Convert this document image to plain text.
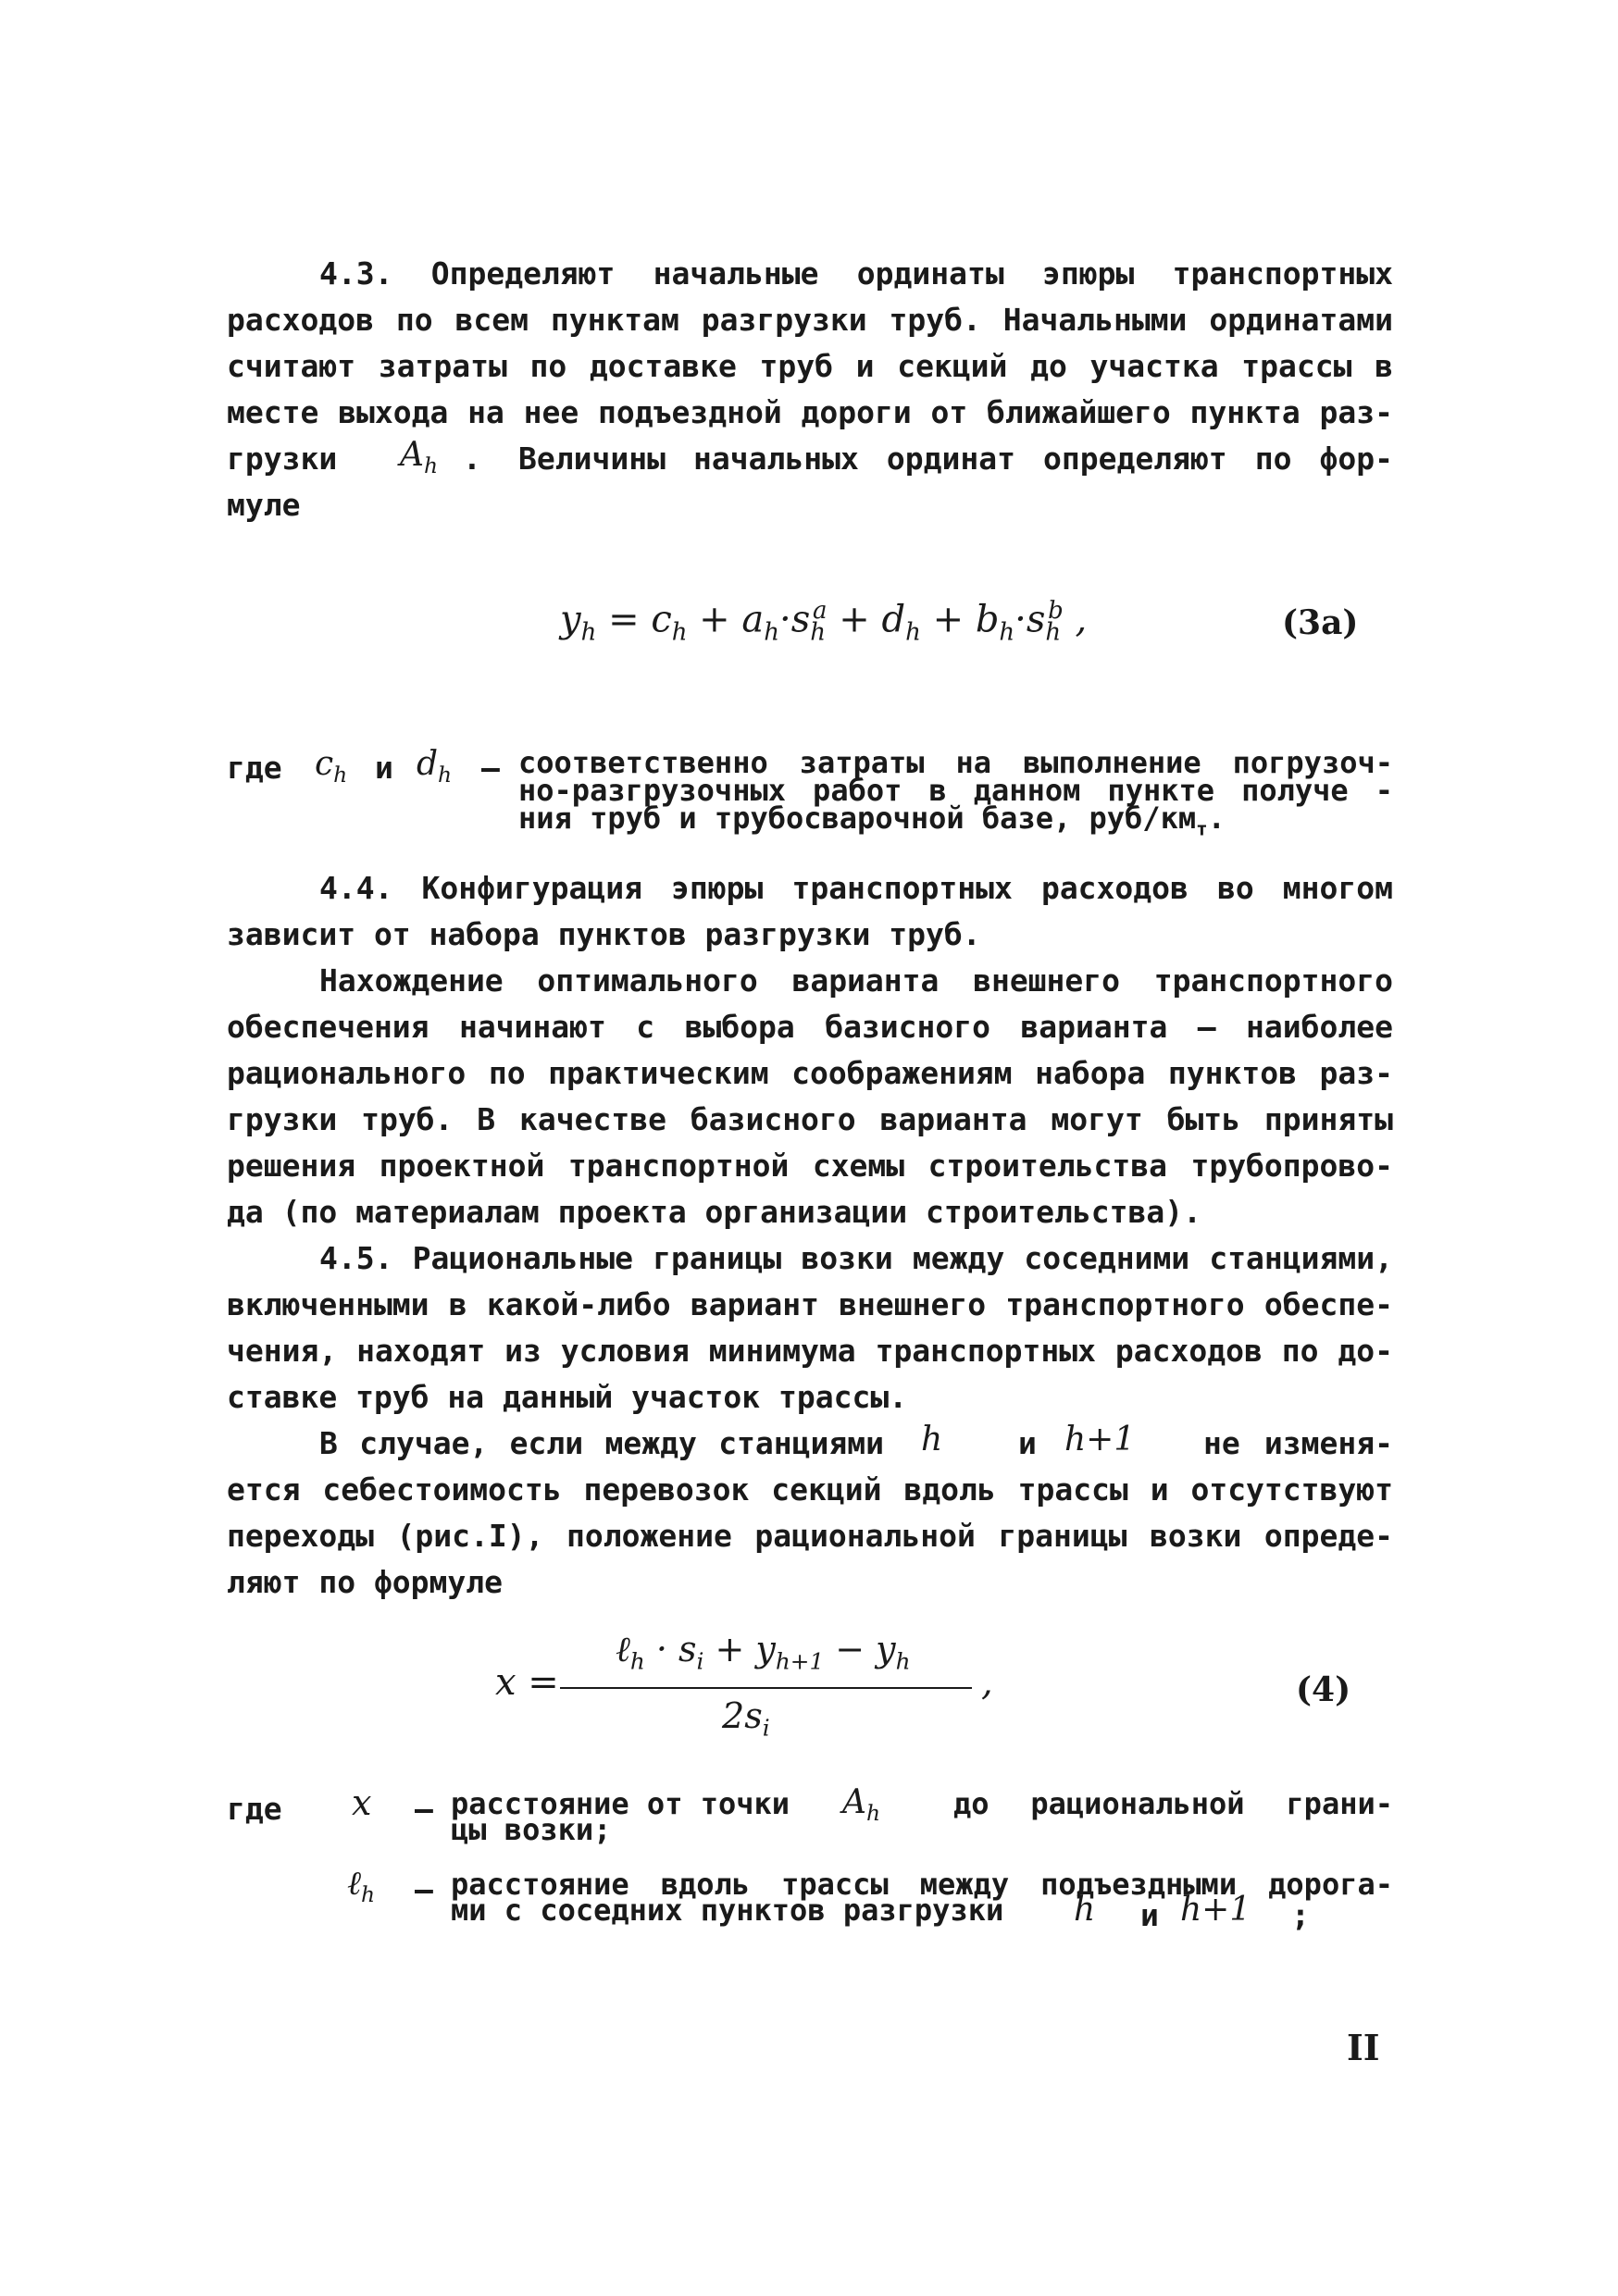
4.3. Определяют начальные ординаты эпюры транспортных
расходов по всем пунктам разгрузки труб. Начальными ординатами
считают затраты по доставке труб и секций до участка трассы в
месте выхода на нее подъездной дороги от ближайшего пункта раз-
грузки	$A_h$ .	Величины начальных ординат определяют по фор-
муле
$y_h = c_h + a_h\cdot s_h^a + d_h + b_h\cdot s_h^b$ ,	(3а)
где $c_h$ и $d_h$ – соответственно затраты на выполнение погрузоч-
но-разгрузочных работ в данном пункте получе -
ния труб и трубосварочной базе, руб/$км_т$.
4.4. Конфигурация эпюры транспортных расходов во многом
зависит от набора пунктов разгрузки труб.
Нахождение оптимального варианта внешнего транспортного
обеспечения начинают с выбора базисного варианта – наиболее
рационального по практическим соображениям набора пунктов раз-
грузки труб. В качестве базисного варианта могут быть приняты
решения проектной транспортной схемы строительства трубопрово-
да (по материалам проекта организации строительства).
4.5. Рациональные границы возки между соседними станциями,
включенными в какой-либо вариант внешнего транспортного обеспе-
чения, находят из условия минимума транспортных расходов по до-
ставке труб на данный участок трассы.
В случае, если между станциями h	и h+1 не изменя-
ется себестоимость перевозок секций вдоль трассы и отсутствуют
переходы (рис.I), положение рациональной границы возки опреде-
ляют по формуле
x =
ℓ$_h$ · $s_i + y_{h+1} - y_h$
$2s_i$
,	(4)
где	x	– расстояние от точки	$A_h$	до рациональной грани-
цы возки;
ℓ$_h$	– расстояние вдоль трассы между подъездными дорога-
ми с соседних пунктов разгрузки	h и h+1	;
II
